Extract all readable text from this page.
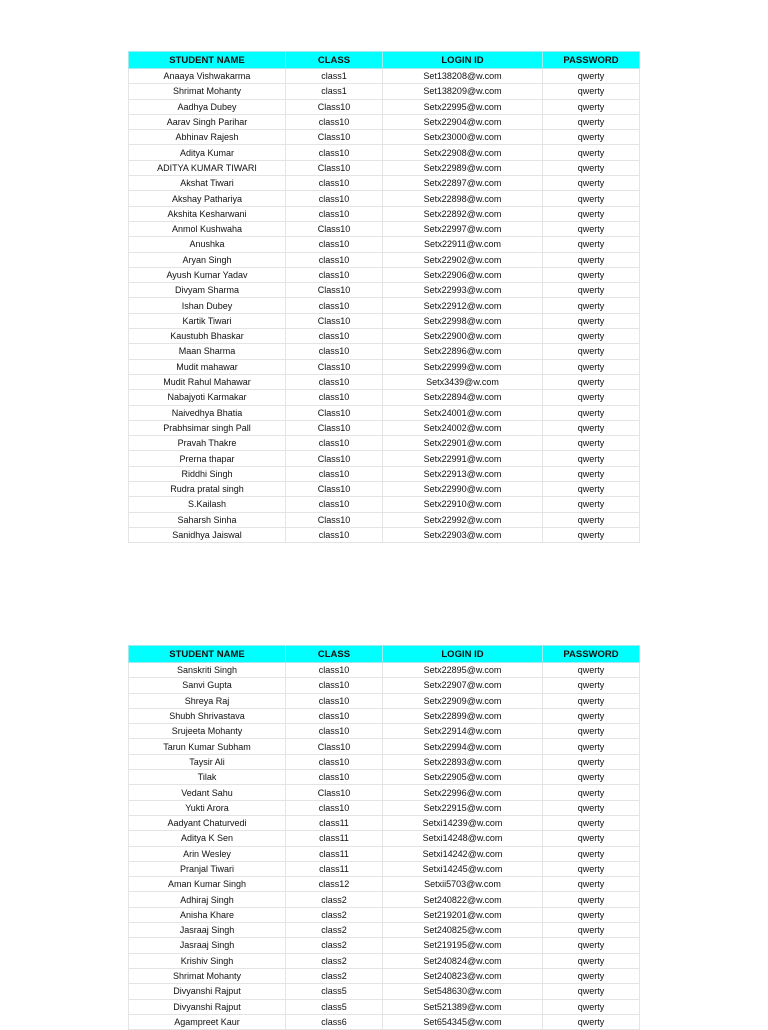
STUDENT NAME	CLASS	LOGIN ID	PASSWORD
Anaaya Vishwakarma	class1	Set138208@w.com	qwerty
Shrimat Mohanty	class1	Set138209@w.com	qwerty
Aadhya Dubey	Class10	Setx22995@w.com	qwerty
Aarav Singh Parihar	class10	Setx22904@w.com	qwerty
Abhinav Rajesh	Class10	Setx23000@w.com	qwerty
Aditya Kumar	class10	Setx22908@w.com	qwerty
ADITYA KUMAR TIWARI	Class10	Setx22989@w.com	qwerty
Akshat Tiwari	class10	Setx22897@w.com	qwerty
Akshay Pathariya	class10	Setx22898@w.com	qwerty
Akshita Kesharwani	class10	Setx22892@w.com	qwerty
Anmol Kushwaha	Class10	Setx22997@w.com	qwerty
Anushka	class10	Setx22911@w.com	qwerty
Aryan Singh	class10	Setx22902@w.com	qwerty
Ayush Kumar Yadav	class10	Setx22906@w.com	qwerty
Divyam Sharma	Class10	Setx22993@w.com	qwerty
Ishan Dubey	class10	Setx22912@w.com	qwerty
Kartik Tiwari	Class10	Setx22998@w.com	qwerty
Kaustubh Bhaskar	class10	Setx22900@w.com	qwerty
Maan Sharma	class10	Setx22896@w.com	qwerty
Mudit mahawar	Class10	Setx22999@w.com	qwerty
Mudit Rahul Mahawar	class10	Setx3439@w.com	qwerty
Nabajyoti Karmakar	class10	Setx22894@w.com	qwerty
Naivedhya Bhatia	Class10	Setx24001@w.com	qwerty
Prabhsimar singh Pall	Class10	Setx24002@w.com	qwerty
Pravah Thakre	class10	Setx22901@w.com	qwerty
Prerna thapar	Class10	Setx22991@w.com	qwerty
Riddhi Singh	class10	Setx22913@w.com	qwerty
Rudra pratal singh	Class10	Setx22990@w.com	qwerty
S.Kailash	class10	Setx22910@w.com	qwerty
Saharsh Sinha	Class10	Setx22992@w.com	qwerty
Sanidhya Jaiswal	class10	Setx22903@w.com	qwerty
STUDENT NAME	CLASS	LOGIN ID	PASSWORD
Sanskriti Singh	class10	Setx22895@w.com	qwerty
Sanvi Gupta	class10	Setx22907@w.com	qwerty
Shreya Raj	class10	Setx22909@w.com	qwerty
Shubh Shrivastava	class10	Setx22899@w.com	qwerty
Srujeeta Mohanty	class10	Setx22914@w.com	qwerty
Tarun Kumar Subham	Class10	Setx22994@w.com	qwerty
Taysir Ali	class10	Setx22893@w.com	qwerty
Tilak	class10	Setx22905@w.com	qwerty
Vedant Sahu	Class10	Setx22996@w.com	qwerty
Yukti Arora	class10	Setx22915@w.com	qwerty
Aadyant Chaturvedi	class11	Setxi14239@w.com	qwerty
Aditya K Sen	class11	Setxi14248@w.com	qwerty
Arin Wesley	class11	Setxi14242@w.com	qwerty
Pranjal Tiwari	class11	Setxi14245@w.com	qwerty
Aman Kumar Singh	class12	Setxii5703@w.com	qwerty
Adhiraj Singh	class2	Set240822@w.com	qwerty
Anisha Khare	class2	Set219201@w.com	qwerty
Jasraaj Singh	class2	Set240825@w.com	qwerty
Jasraaj Singh	class2	Set219195@w.com	qwerty
Krishiv Singh	class2	Set240824@w.com	qwerty
Shrimat Mohanty	class2	Set240823@w.com	qwerty
Divyanshi Rajput	class5	Set548630@w.com	qwerty
Divyanshi Rajput	class5	Set521389@w.com	qwerty
Agampreet Kaur	class6	Set654345@w.com	qwerty
